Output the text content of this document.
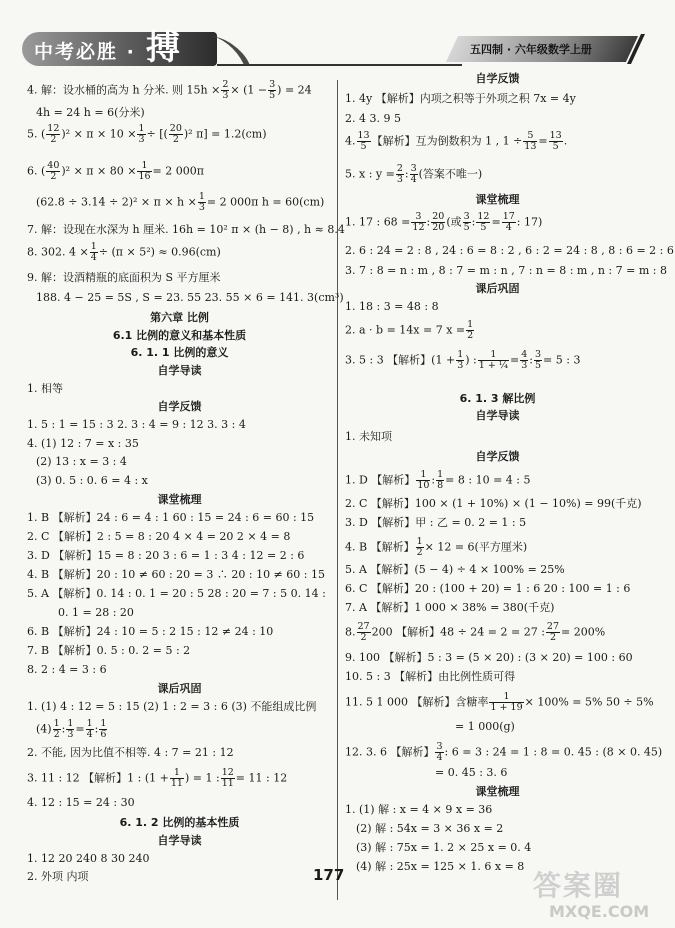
中考必胜 · 搏	五四制 · 六年级数学上册
4. 解：设水桶的高为 h 分米. 则 $15h \times \frac{2}{3} \times (1 - \frac{3}{5}$ ) = 24
4h = 24 h = 6(分米)
5. ( $\frac{12}{2} )^2 \times \pi \times 10 \times \frac{1}{3}$ ÷ [( $\frac{20}{2} )^2$ π] = 1.2(cm)
6. ( $\frac{40}{2} )^2 \times \pi \times 80 \times \frac{1}{16} = 2$ 000π
$(62.8 \div 3.14 \div 2)^2 \times \pi \times h \times \frac{1}{3} = 2$ 000π h = 60(cm)
7. 解：设现在水深为 h 厘米. 16h = 10² π × (h − 8) , h ≈ 8.4
8. 302. $4 \times \frac{1}{4} \div (\pi \times 5^2) \approx 0.96(cm)$
9. 解：设酒精瓶的底面积为 S 平方厘米
188. 4 − 25 = 5S , S = 23. 55 23. 55 × 6 = 141. 3(cm³)
第六章 比例
6.1 比例的意义和基本性质
6. 1. 1 比例的意义
自学导读
1. 相等
自学反馈
1. 5 : 1 = 15 : 3 2. 3 : 4 = 9 : 12 3. 3 : 4
4. (1) 12 : 7 = x : 35
(2) 13 : x = 3 : 4
(3) 0. 5 : 0. 6 = 4 : x
课堂梳理
1. B 【解析】24 : 6 = 4 : 1 60 : 15 = 24 : 6 = 60 : 15
2. C 【解析】2 : 5 = 8 : 20 4 × 4 = 20 2 × 4 = 8
3. D 【解析】15 = 8 : 20 3 : 6 = 1 : 3 4 : 12 = 2 : 6
4. B 【解析】20 : 10 ≠ 60 : 20 = 3 ∴ 20 : 10 ≠ 60 : 15
5. A 【解析】0. 14 : 0. 1 = 20 : 5 28 : 20 = 7 : 5 0. 14 :
0. 1 = 28 : 20
6. B 【解析】24 : 10 = 5 : 2 15 : 12 ≠ 24 : 10
7. B 【解析】0. 5 : 0. 2 = 5 : 2
8. 2 : 4 = 3 : 6
课后巩固
1. (1) 4 : 12 = 5 : 15 (2) 1 : 2 = 3 : 6 (3) 不能组成比例
$(4) \frac{1}{2}$ : $\frac{1}{3} = \frac{1}{4}$ : $\frac{1}{6}$
2. 不能, 因为比值不相等. 4 : 7 = 21 : 12
3. 11 : 12 【解析】1 : ($1 + \frac{1}{11}$ ) = 1 : $\frac{12}{11} = 11$ : 12
4. 12 : 15 = 24 : 30
6. 1. 2 比例的基本性质
自学导读
1. 12 20 240 8 30 240
2. 外项 内项
自学反馈
1. 4y 【解析】内项之积等于外项之积 7x = 4y
2. 4 3. 9 5
4. $\frac{13}{5}$ 【解析】互为倒数积为 1 , $1 \div \frac{5}{13} = \frac{13}{5}$ .
5. x : $y = \frac{2}{3}$ : $\frac{3}{4}$ (答案不唯一)
课堂梳理
1. 17 : $68 = \frac{3}{12}$ : $\frac{20}{20}$ (或 $\frac{3}{5}$ : $\frac{12}{5} = \frac{17}{4}$ : 17)
2. 6 : 24 = 2 : 8 , 24 : 6 = 8 : 2 , 6 : 2 = 24 : 8 , 8 : 6 = 2 : 6
3. 7 : 8 = n : m , 8 : 7 = m : n , 7 : n = 8 : m , n : 7 = m : 8
课后巩固
1. 18 : 3 = 48 : 8
2. a · b = 14x = 7 $x = \frac{1}{2}$
3. 5 : 3 【解析】($1 + \frac{1}{3}$ ) : $\frac{1}{\text{1 + ¼}} = \frac{4}{3}$ : $\frac{3}{5} = 5$ : 3
6. 1. 3 解比例
自学导读
1. 未知项
自学反馈
1. D 【解析】 $\frac{1}{10}$ : $\frac{1}{8} = 8$ : 10 = 4 : 5
2. C 【解析】100 × (1 + 10%) × (1 − 10%) = 99(千克)
3. D 【解析】甲 : 乙 = 0. 2 = 1 : 5
4. B 【解析】 $\frac{1}{2} \times 12 = 6$(平方厘米)
5. A 【解析】(5 − 4) ÷ 4 × 100% = 25%
6. C 【解析】20 : (100 + 20) = 1 : 6 20 : 100 = 1 : 6
7. A 【解析】1 000 × 38% = 380(千克)
8. $\frac{27}{2} 200$ 【解析】48 ÷ 24 = 2 = 27 : $\frac{27}{2} = 200\%$
9. 100 【解析】5 : 3 = (5 × 20) : (3 × 20) = 100 : 60
10. 5 : 3 【解析】由比例性质可得
11. 5 1 000 【解析】含糖率 $\frac{1}{1 + 19} \times 100\% = 5\%$ 50 ÷ 5%
= 1 000(g)
12. 3. 6 【解析】 $\frac{3}{4}$ : 6 = 3 : 24 = 1 : 8 = 0. 45 : (8 × 0. 45)
= 0. 45 : 3. 6
课堂梳理
1. (1) 解 : x = 4 × 9 x = 36
(2) 解 : 54x = 3 × 36 x = 2
(3) 解 : 75x = 1. 2 × 25 x = 0. 4
(4) 解 : 25x = 125 × 1. 6 x = 8
177	答案圈
MXQE.COM
